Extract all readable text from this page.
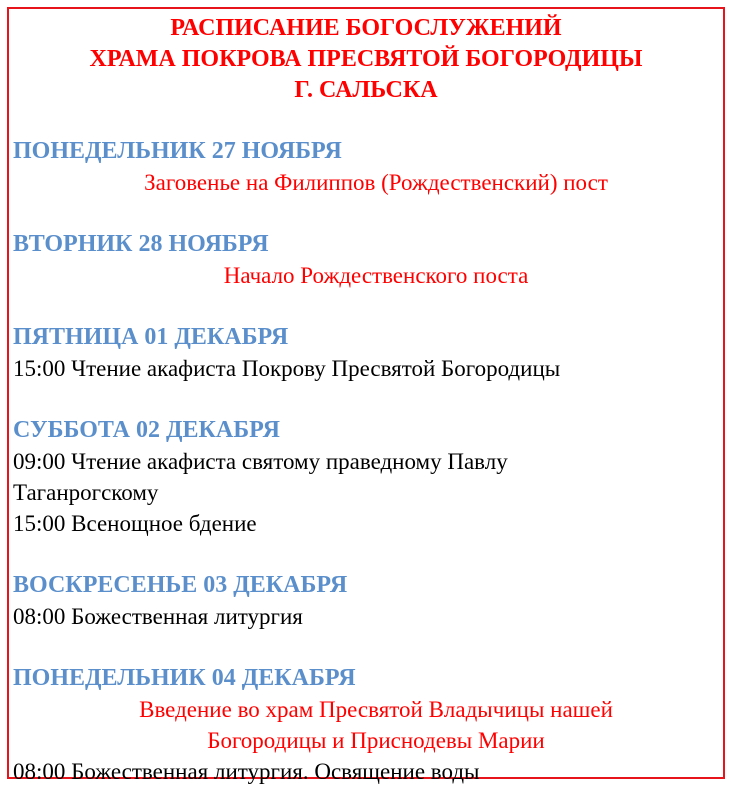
РАСПИСАНИЕ БОГОСЛУЖЕНИЙ
ХРАМА ПОКРОВА ПРЕСВЯТОЙ БОГОРОДИЦЫ
Г. САЛЬСКА
ПОНЕДЕЛЬНИК 27 НОЯБРЯ
Заговенье на Филиппов (Рождественский) пост
ВТОРНИК 28 НОЯБРЯ
Начало Рождественского поста
ПЯТНИЦА 01 ДЕКАБРЯ
15:00 Чтение акафиста Покрову Пресвятой Богородицы
СУББОТА 02 ДЕКАБРЯ
09:00 Чтение акафиста святому праведному Павлу
Таганрогскому
15:00 Всенощное бдение
ВОСКРЕСЕНЬЕ 03 ДЕКАБРЯ
08:00 Божественная литургия
ПОНЕДЕЛЬНИК 04 ДЕКАБРЯ
Введение во храм Пресвятой Владычицы нашей
Богородицы и Приснодевы Марии
08:00 Божественная литургия. Освящение воды
